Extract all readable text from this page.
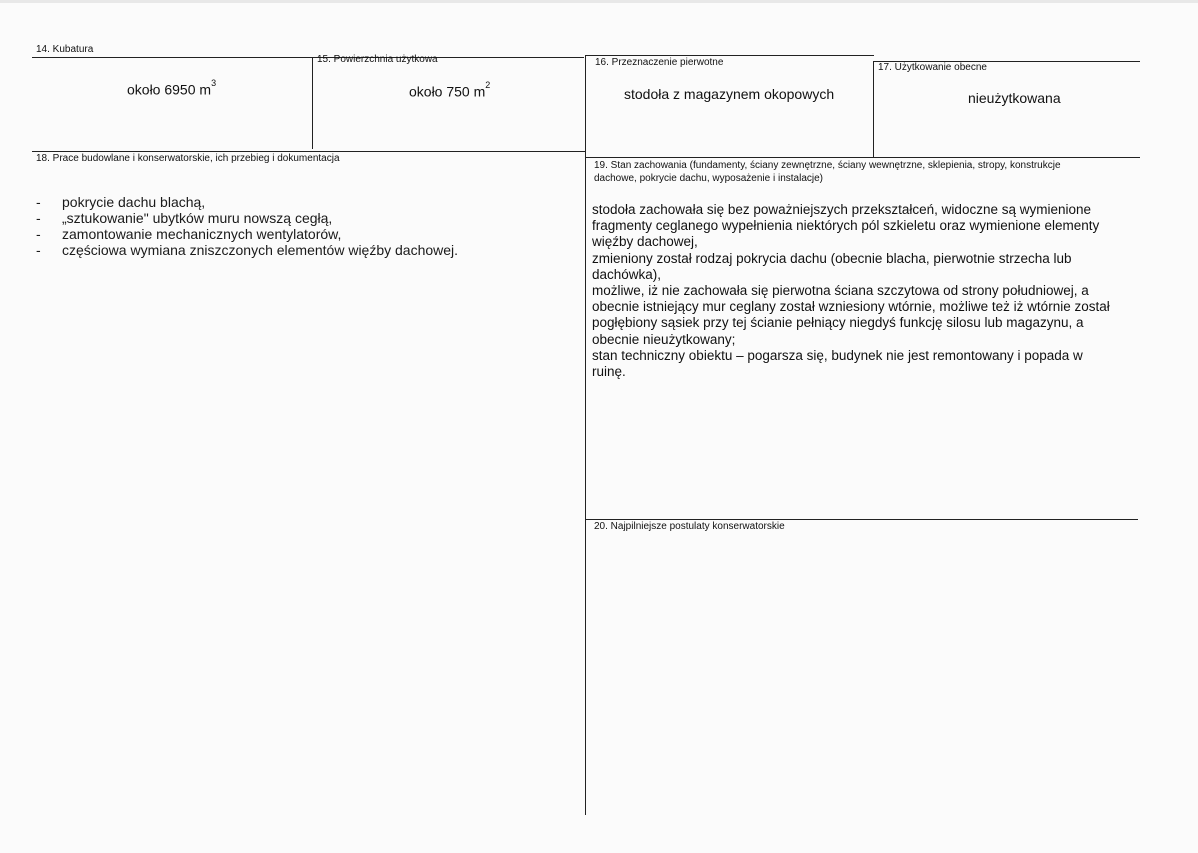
14. Kubatura
około 6950 $m^3$
15. Powierzchnia użytkowa
około 750 $m^2$
16. Przeznaczenie pierwotne
stodoła z magazynem okopowych
17. Użytkowanie obecne
nieużytkowana
18. Prace budowlane i konserwatorskie, ich przebieg i dokumentacja
- pokrycie dachu blachą,
- „sztukowanie" ubytków muru nowszą cegłą,
- zamontowanie mechanicznych wentylatorów,
- częściowa wymiana zniszczonych elementów więźby dachowej.
19. Stan zachowania (fundamenty, ściany zewnętrzne, ściany wewnętrzne, sklepienia, stropy, konstrukcje
dachowe, pokrycie dachu, wyposażenie i instalacje)
stodoła zachowała się bez poważniejszych przekształceń, widoczne są wymienione
fragmenty ceglanego wypełnienia niektórych pól szkieletu oraz wymienione elementy
więźby dachowej,
zmieniony został rodzaj pokrycia dachu (obecnie blacha, pierwotnie strzecha lub
dachówka),
możliwe, iż nie zachowała się pierwotna ściana szczytowa od strony południowej, a
obecnie istniejący mur ceglany został wzniesiony wtórnie, możliwe też iż wtórnie został
pogłębiony sąsiek przy tej ścianie pełniący niegdyś funkcję silosu lub magazynu, a
obecnie nieużytkowany;
stan techniczny obiektu – pogarsza się, budynek nie jest remontowany i popada w
ruinę.
20. Najpilniejsze postulaty konserwatorskie
